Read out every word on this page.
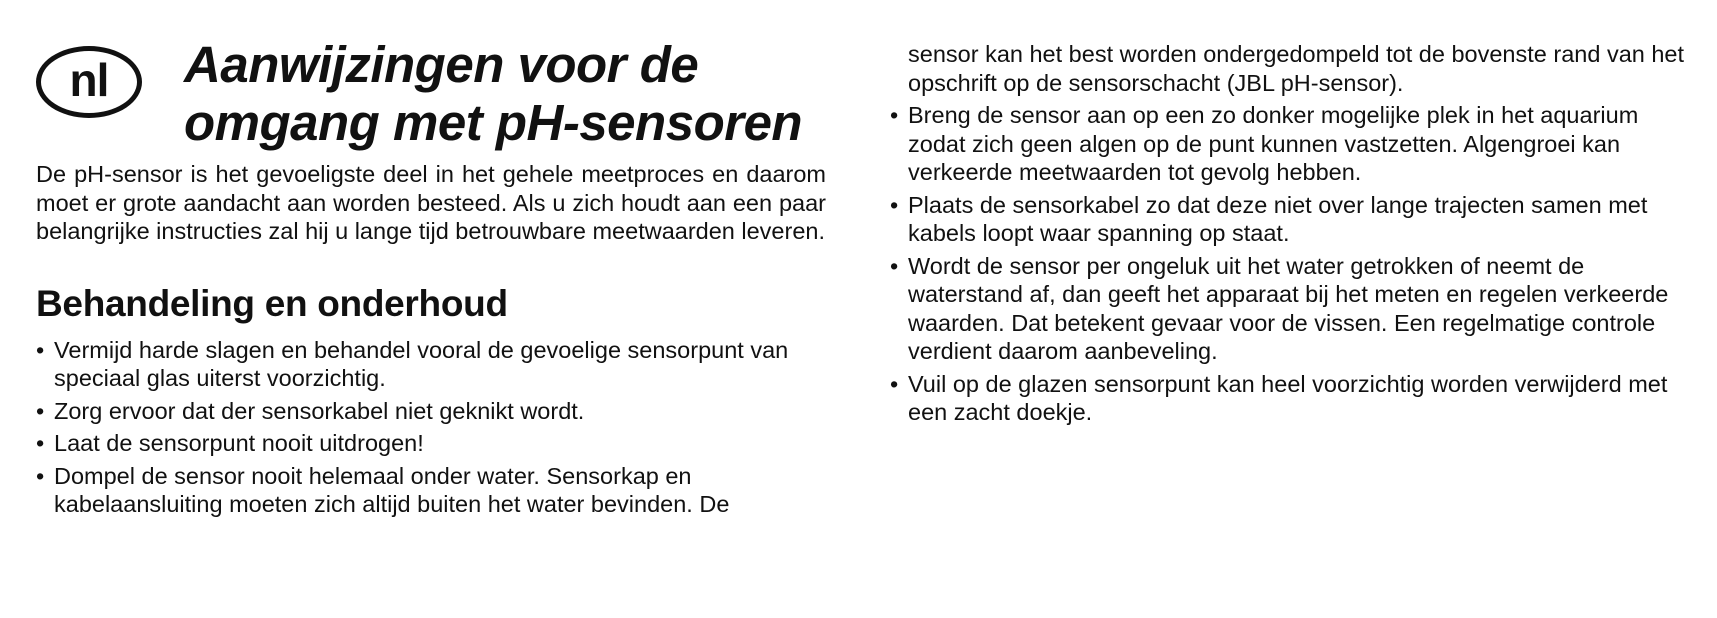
nl Aanwijzingen voor de
omgang met pH-sensoren

De pH-sensor is het gevoeligste deel in het gehele meetproces en daarom moet er grote aandacht aan worden besteed. Als u zich houdt aan een paar belangrijke instructies zal hij u lange tijd betrouwbare meetwaarden leveren.

Behandeling en onderhoud
• Vermijd harde slagen en behandel vooral de gevoelige sensorpunt van speciaal glas uiterst voorzichtig.
• Zorg ervoor dat der sensorkabel niet geknikt wordt.
• Laat de sensorpunt nooit uitdrogen!
• Dompel de sensor nooit helemaal onder water. Sensorkap en kabelaansluiting moeten zich altijd buiten het water bevinden. De

sensor kan het best worden ondergedompeld tot de bovenste rand van het opschrift op de sensorschacht (JBL pH-sensor).

• Breng de sensor aan op een zo donker mogelijke plek in het aquarium zodat zich geen algen op de punt kunnen vastzetten. Algengroei kan verkeerde meetwaarden tot gevolg hebben.
• Plaats de sensorkabel zo dat deze niet over lange trajecten samen met kabels loopt waar spanning op staat.
• Wordt de sensor per ongeluk uit het water getrokken of neemt de waterstand af, dan geeft het apparaat bij het meten en regelen verkeerde waarden. Dat betekent gevaar voor de vissen. Een regelmatige controle verdient daarom aanbeveling.
• Vuil op de glazen sensorpunt kan heel voorzichtig worden verwijderd met een zacht doekje.
